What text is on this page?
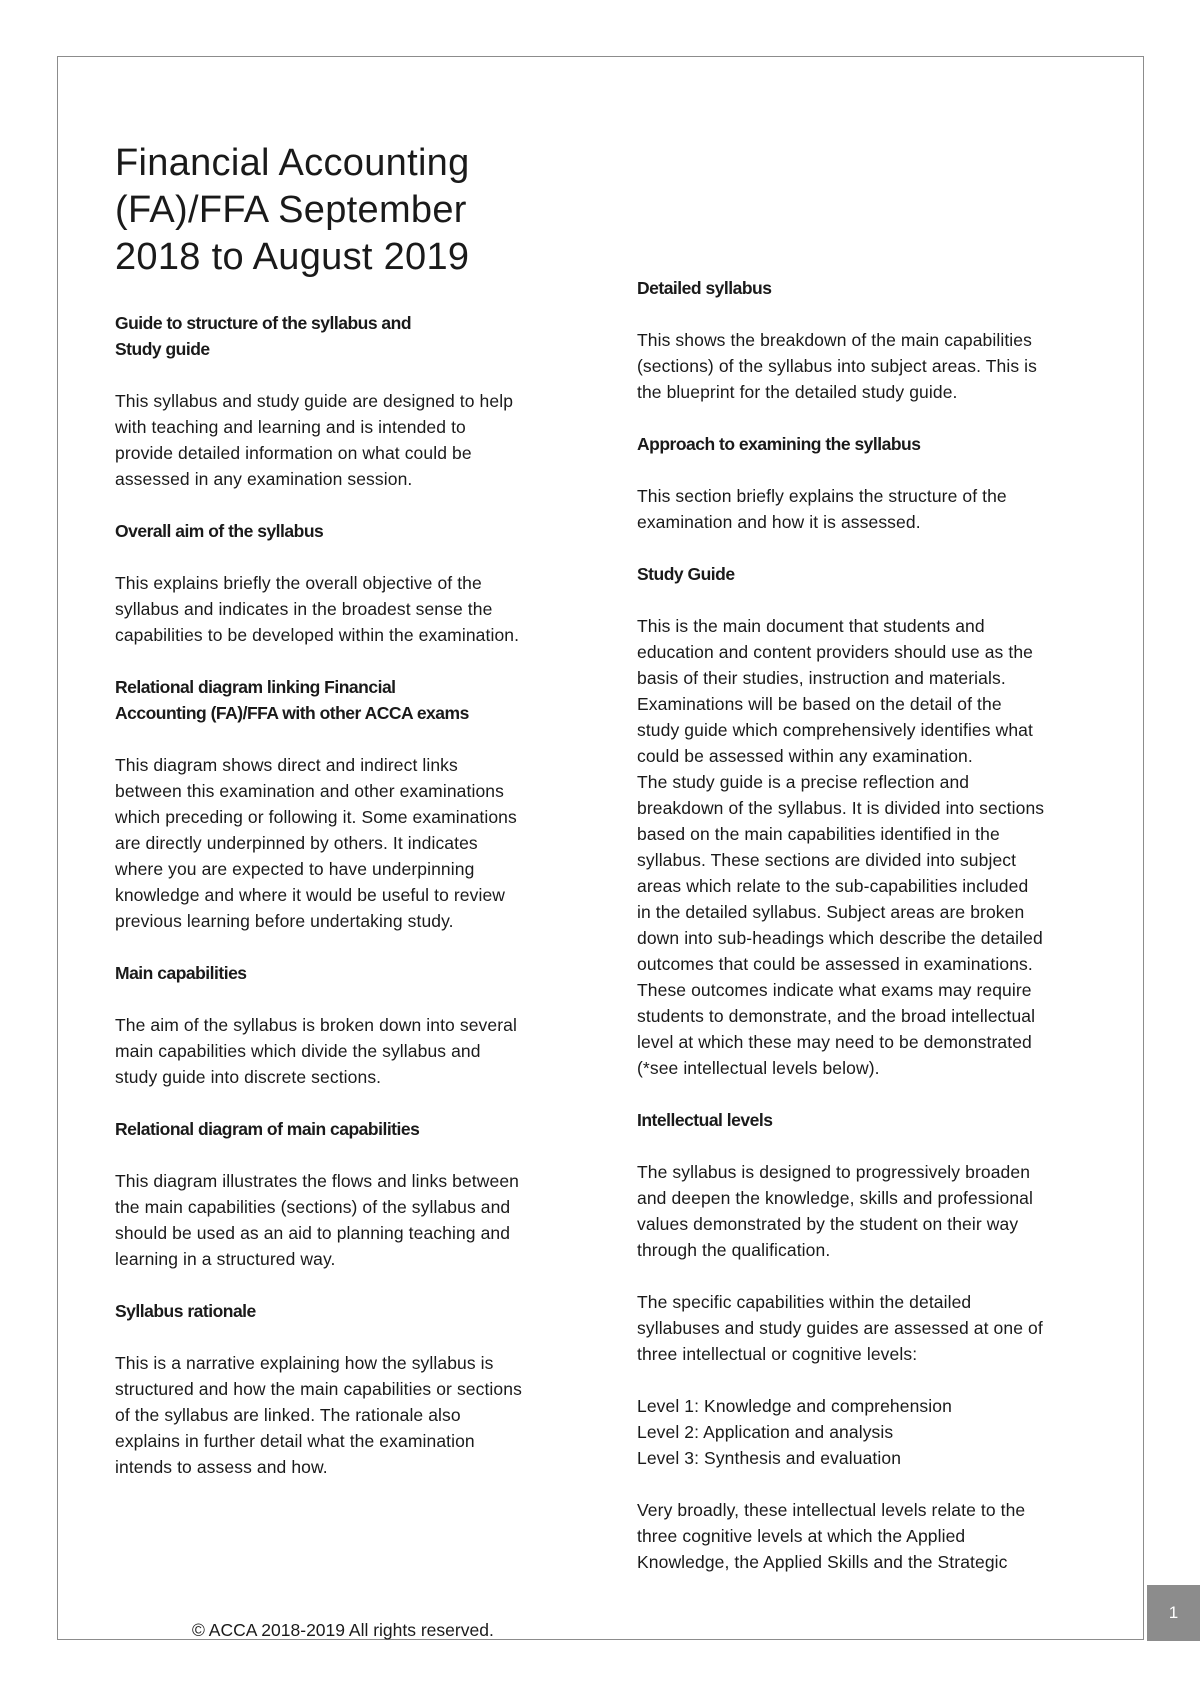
Financial Accounting
(FA)/FFA September
2018 to August 2019

Guide to structure of the syllabus and
Study guide

This syllabus and study guide are designed to help
with teaching and learning and is intended to
provide detailed information on what could be
assessed in any examination session.

Overall aim of the syllabus

This explains briefly the overall objective of the
syllabus and indicates in the broadest sense the
capabilities to be developed within the examination.

Relational diagram linking Financial
Accounting (FA)/FFA with other ACCA exams

This diagram shows direct and indirect links
between this examination and other examinations
which preceding or following it. Some examinations
are directly underpinned by others. It indicates
where you are expected to have underpinning
knowledge and where it would be useful to review
previous learning before undertaking study.

Main capabilities

The aim of the syllabus is broken down into several
main capabilities which divide the syllabus and
study guide into discrete sections.

Relational diagram of main capabilities

This diagram illustrates the flows and links between
the main capabilities (sections) of the syllabus and
should be used as an aid to planning teaching and
learning in a structured way.

Syllabus rationale

This is a narrative explaining how the syllabus is
structured and how the main capabilities or sections
of the syllabus are linked. The rationale also
explains in further detail what the examination
intends to assess and how.

Detailed syllabus

This shows the breakdown of the main capabilities
(sections) of the syllabus into subject areas. This is
the blueprint for the detailed study guide.

Approach to examining the syllabus

This section briefly explains the structure of the
examination and how it is assessed.

Study Guide

This is the main document that students and
education and content providers should use as the
basis of their studies, instruction and materials.
Examinations will be based on the detail of the
study guide which comprehensively identifies what
could be assessed within any examination.
The study guide is a precise reflection and
breakdown of the syllabus. It is divided into sections
based on the main capabilities identified in the
syllabus. These sections are divided into subject
areas which relate to the sub-capabilities included
in the detailed syllabus. Subject areas are broken
down into sub-headings which describe the detailed
outcomes that could be assessed in examinations.
These outcomes indicate what exams may require
students to demonstrate, and the broad intellectual
level at which these may need to be demonstrated
(*see intellectual levels below).

Intellectual levels

The syllabus is designed to progressively broaden
and deepen the knowledge, skills and professional
values demonstrated by the student on their way
through the qualification.

The specific capabilities within the detailed
syllabuses and study guides are assessed at one of
three intellectual or cognitive levels:

Level 1: Knowledge and comprehension
Level 2: Application and analysis
Level 3: Synthesis and evaluation

Very broadly, these intellectual levels relate to the
three cognitive levels at which the Applied
Knowledge, the Applied Skills and the Strategic

© ACCA 2018-2019 All rights reserved.
1
